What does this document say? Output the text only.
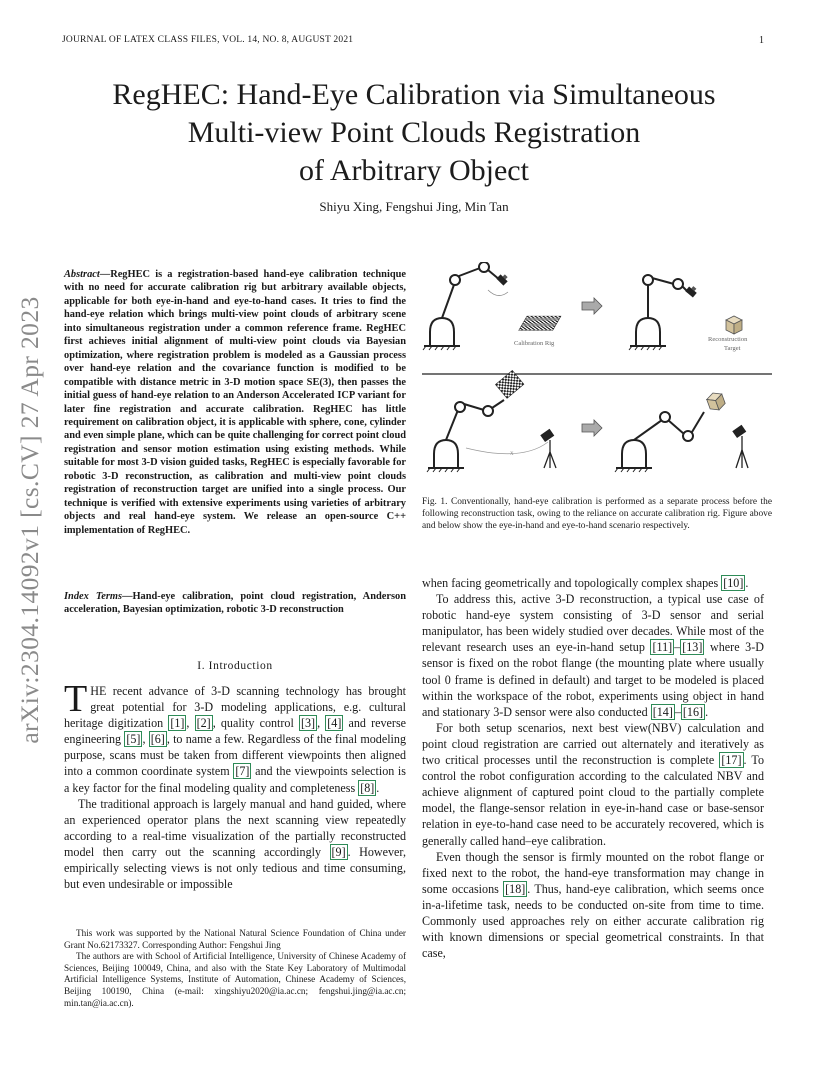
JOURNAL OF LATEX CLASS FILES, VOL. 14, NO. 8, AUGUST 2021	1
RegHEC: Hand-Eye Calibration via Simultaneous
Multi-view Point Clouds Registration
of Arbitrary Object
Shiyu Xing, Fengshui Jing, Min Tan
arXiv:2304.14092v1 [cs.CV] 27 Apr 2023
Abstract—RegHEC is a registration-based hand-eye calibration technique with no need for accurate calibration rig but arbitrary available objects, applicable for both eye-in-hand and eye-to-hand cases. It tries to find the hand-eye relation which brings multi-view point clouds of arbitrary scene into simultaneous registration under a common reference frame. RegHEC first achieves initial alignment of multi-view point clouds via Bayesian optimization, where registration problem is modeled as a Gaussian process over hand-eye relation and the covariance function is modified to be compatible with distance metric in 3-D motion space SE(3), then passes the initial guess of hand-eye relation to an Anderson Accelerated ICP variant for later fine registration and accurate calibration. RegHEC has little requirement on calibration object, it is applicable with sphere, cone, cylinder and even simple plane, which can be quite challenging for correct point cloud registration and sensor motion estimation using existing methods. While suitable for most 3-D vision guided tasks, RegHEC is especially favorable for robotic 3-D reconstruction, as calibration and multi-view point clouds registration of reconstruction target are unified into a single process. Our technique is verified with extensive experiments using varieties of arbitrary objects and real hand-eye system. We release an open-source C++ implementation of RegHEC.
Index Terms—Hand-eye calibration, point cloud registration, Anderson acceleration, Bayesian optimization, robotic 3-D reconstruction
I. Introduction

THE recent advance of 3-D scanning technology has brought great potential for 3-D modeling applications, e.g. cultural heritage digitization [1] , [2] , quality control [3] , [4] and reverse engineering [5] , [6] , to name a few. Regardless of the final modeling purpose, scans must be taken from different viewpoints then aligned into a common coordinate system [7] and the viewpoints selection is a key factor for the final modeling quality and completeness [8] .

The traditional approach is largely manual and hand guided, where an experienced operator plans the next scanning view repeatedly according to a real-time visualization of the partially reconstructed model then carry out the scanning accordingly [9] . However, empirically selecting views is not only tedious and time consuming, but even undesirable or impossible

This work was supported by the National Natural Science Foundation of China under Grant No.62173327. Corresponding Author: Fengshui Jing

The authors are with School of Artificial Intelligence, University of Chinese Academy of Sciences, Beijing 100049, China, and also with the State Key Laboratory of Multimodal Artificial Intelligence Systems, Institute of Automation, Chinese Academy of Sciences, Beijing 100190, China (e-mail: xingshiyu2020@ia.ac.cn; fengshui.jing@ia.ac.cn; min.tan@ia.ac.cn).

Calibration Rig
Reconstruction
Target
X
Fig. 1. Conventionally, hand-eye calibration is performed as a separate process before the following reconstruction task, owing to the reliance on accurate calibration rig. Figure above and below show the eye-in-hand and eye-to-hand scenario respectively.

when facing geometrically and topologically complex shapes [10] .

To address this, active 3-D reconstruction, a typical use case of robotic hand-eye system consisting of 3-D sensor and serial manipulator, has been widely studied over decades. While most of the relevant research uses an eye-in-hand setup [11] – [13] where 3-D sensor is fixed on the robot flange (the mounting plate where usually tool 0 frame is defined in default) and target to be modeled is placed within the workspace of the robot, experiments using object in hand and stationary 3-D sensor were also conducted [14] – [16] .

For both setup scenarios, next best view(NBV) calculation and point cloud registration are carried out alternately and iteratively as two critical processes until the reconstruction is complete [17] . To control the robot configuration according to the calculated NBV and achieve alignment of captured point cloud to the partially complete model, the flange-sensor relation in eye-in-hand case or base-sensor relation in eye-to-hand case need to be accurately recovered, which is generally called hand–eye calibration.

Even though the sensor is firmly mounted on the robot flange or fixed next to the robot, the hand-eye transformation may change in some occasions [18] . Thus, hand-eye calibration, which seems once in-a-lifetime task, needs to be conducted on-site from time to time. Commonly used approaches rely on either accurate calibration rig with known dimensions or special geometrical constraints. In that case,
